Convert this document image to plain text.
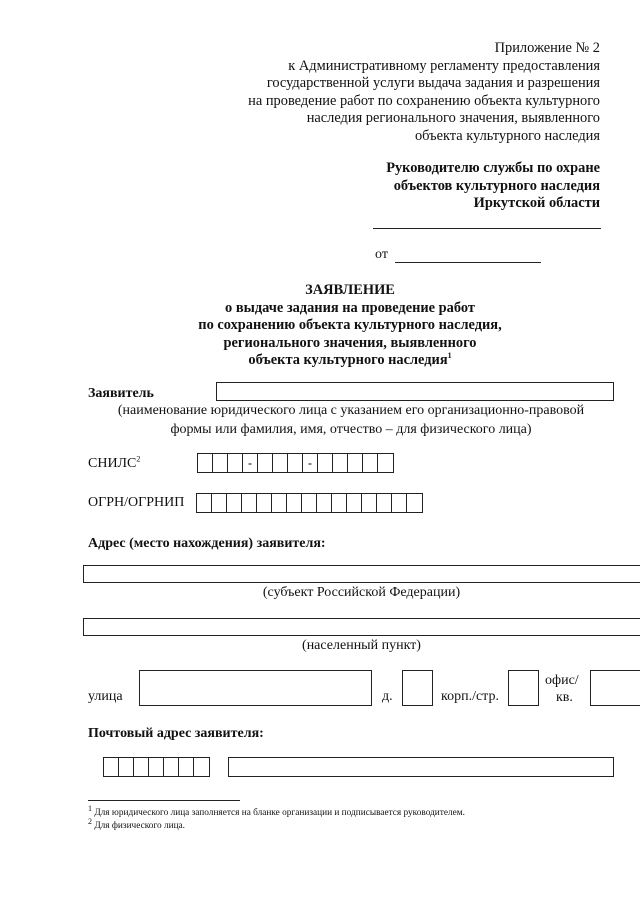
Приложение № 2
к Административному регламенту предоставления
государственной услуги выдача задания и разрешения
на проведение работ по сохранению объекта культурного
наследия регионального значения, выявленного
объекта культурного наследия
Руководителю службы по охране
объектов культурного наследия
Иркутской области
от
ЗАЯВЛЕНИЕ
о выдаче задания на проведение работ
по сохранению объекта культурного наследия,
регионального значения, выявленного
объекта культурного наследия$^1$
Заявитель
(наименование юридического лица с указанием его организационно-правовой
формы или фамилия, имя, отчество – для физического лица)
СНИЛС$^2$	-	-
ОГРН/ОГРНИП
Адрес (место нахождения) заявителя:
(субъект Российской Федерации)
(населенный пункт)
улица	д.	корп./стр.
офис/
кв.
Почтовый адрес заявителя:
$^1$ Для юридического лица заполняется на бланке организации и подписывается руководителем.
$^2$ Для физического лица.
